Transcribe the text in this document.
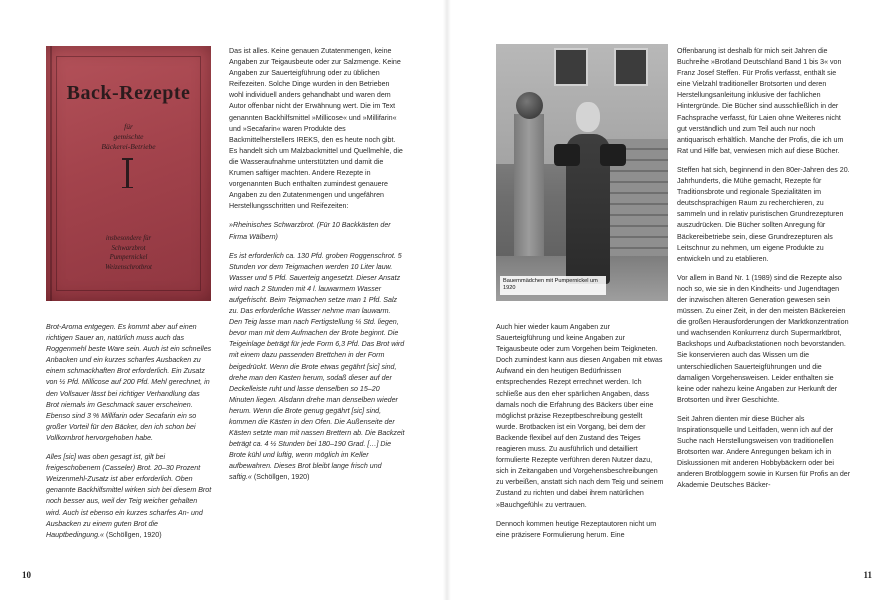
Back-Rezepte
für
gemischte
Bäckerei-Betriebe
insbesondere für
Schwarzbrot
Pumpernickel
Weizenschrotbrot

Brot-Aroma entgegen. Es kommt aber auf einen richtigen Sauer an, natürlich muss auch das Roggenmehl beste Ware sein. Auch ist ein schnelles Anbacken und ein kurzes scharfes Ausbacken zu einem schmackhaften Brot erforderlich. Ein Zusatz von ½ Pfd. Millicose auf 200 Pfd. Mehl gerechnet, in den Vollsauer lässt bei richtiger Verhandlung das Brot niemals im Geschmack sauer erscheinen. Ebenso sind 3 % Millifarin oder Secafarin ein so großer Vorteil für den Bäcker, den ich schon bei Vollkornbrot hervorgehoben habe.

Alles [sic] was oben gesagt ist, gilt bei freigeschobenem (Casseler) Brot. 20–30 Prozent Weizenmehl-Zusatz ist aber erforderlich. Oben genannte Backhilfsmittel wirken sich bei diesem Brot noch besser aus, weil der Teig weicher gehalten wird. Auch ist ebenso ein kurzes scharfes An- und Ausbacken zu einem guten Brot die Hauptbedingung.« (Schöllgen, 1920)

Das ist alles. Keine genauen Zutatenmengen, keine Angaben zur Teigausbeute oder zur Salzmenge. Keine Angaben zur Sauerteigführung oder zu üblichen Reifezeiten. Solche Dinge wurden in den Betrieben wohl individuell anders gehandhabt und waren dem Autor offenbar nicht der Erwähnung wert. Die im Text genannten Backhilfsmittel »Millicose« und »Millifarin« und »Secafarin« waren Produkte des Backmittelherstellers IREKS, den es heute noch gibt. Es handelt sich um Malzbackmittel und Quellmehle, die die Wasseraufnahme unterstützten und damit die Krumen saftiger machten. Andere Rezepte in vorgenannten Buch enthalten zumindest genauere Angaben zu den Zutatenmengen und ungefähren Herstellungsschritten und Reifezeiten:

»Rheinisches Schwarzbrot. (Für 10 Backkästen der Firma Wälbern)

Es ist erforderlich ca. 130 Pfd. groben Roggenschrot. 5 Stunden vor dem Teigmachen werden 10 Liter lauw. Wasser und 5 Pfd. Sauerteig angesetzt. Dieser Ansatz wird nach 2 Stunden mit 4 l. lauwarmem Wasser aufgefrischt. Beim Teigmachen setze man 1 Pfd. Salz zu. Das erforderliche Wasser nehme man lauwarm. Den Teig lasse man nach Fertigstellung ¼ Std. liegen, bevor man mit dem Aufmachen der Brote beginnt. Die Teigeinlage beträgt für jede Form 6,3 Pfd. Das Brot wird mit einem dazu passenden Brettchen in der Form beigedrückt. Wenn die Brote etwas gegährt [sic] sind, drehe man den Kasten herum, sodaß dieser auf der Deckelleiste ruht und lasse denselben so 15–20 Minuten liegen. Alsdann drehe man denselben wieder herum. Wenn die Brote genug gegährt [sic] sind, kommen die Kästen in den Ofen. Die Außenseite der Kästen setzte man mit nassen Brettern ab. Die Backzeit beträgt ca. 4 ½ Stunden bei 180–190 Grad. […] Die Brote kühl und luftig, wenn möglich im Keller aufbewahren. Dieses Brot bleibt lange frisch und saftig.« (Schöllgen, 1920)

10
Bauernmädchen mit Pumpernickel um 1920

Auch hier wieder kaum Angaben zur Sauerteigführung und keine Angaben zur Teigausbeute oder zum Vorgehen beim Teigkneten. Doch zumindest kann aus diesen Angaben mit etwas Aufwand ein den heutigen Bedürfnissen entsprechendes Rezept errechnet werden. Ich schließe aus den eher spärlichen Angaben, dass damals noch die Erfahrung des Bäckers über eine möglichst präzise Rezeptbeschreibung gestellt wurde. Brotbacken ist ein Vorgang, bei dem der Backende flexibel auf den Zustand des Teiges reagieren muss. Zu ausführlich und detailliert formulierte Rezepte verführen deren Nutzer dazu, sich in Zeitangaben und Vorgehensbeschreibungen zu verbeißen, anstatt sich nach dem Teig und seinem Zustand zu richten und dabei ihrem natürlichen »Bauchgefühl« zu vertrauen.

Dennoch kommen heutige Rezeptautoren nicht um eine präzisere Formulierung herum. Eine

Offenbarung ist deshalb für mich seit Jahren die Buchreihe »Brotland Deutschland Band 1 bis 3« von Franz Josef Steffen. Für Profis verfasst, enthält sie eine Vielzahl traditioneller Brotsorten und deren Herstellungsanleitung inklusive der fachlichen Hintergründe. Die Bücher sind ausschließlich in der Fachsprache verfasst, für Laien ohne Weiteres nicht gut verständlich und zum Teil auch nur noch antiquarisch erhältlich. Manche der Profis, die ich um Rat und Hilfe bat, verwiesen mich auf diese Bücher.

Steffen hat sich, beginnend in den 80er-Jahren des 20. Jahrhunderts, die Mühe gemacht, Rezepte für Traditionsbrote und regionale Spezialitäten im deutschsprachigen Raum zu recherchieren, zu sammeln und in relativ puristischen Grundrezepturen auszudrücken. Die Bücher sollten Anregung für Bäckereibetriebe sein, diese Grundrezepturen als Leitschnur zu nehmen, um eigene Produkte zu entwickeln und zu etablieren.

Vor allem in Band Nr. 1 (1989) sind die Rezepte also noch so, wie sie in den Kindheits- und Jugendtagen der inzwischen älteren Generation gewesen sein müssen. Zu einer Zeit, in der den meisten Bäckereien die großen Herausforderungen der Marktkonzentration und wachsenden Konkurrenz durch Supermarktbrot, Backshops und Aufbackstationen noch bevorstanden. Sie konservieren auch das Wissen um die unterschiedlichen Sauerteigführungen und die damaligen Vorgehensweisen. Leider enthalten sie keine oder nahezu keine Angaben zur Herkunft der Brotsorten und ihrer Geschichte.

Seit Jahren dienten mir diese Bücher als Inspirationsquelle und Leitfaden, wenn ich auf der Suche nach Herstellungsweisen von traditionellen Brotsorten war. Andere Anregungen bekam ich in Diskussionen mit anderen Hobbybäckern oder bei anderen Brotbloggern sowie in Kursen für Profis an der Akademie Deutsches Bäcker-

11
